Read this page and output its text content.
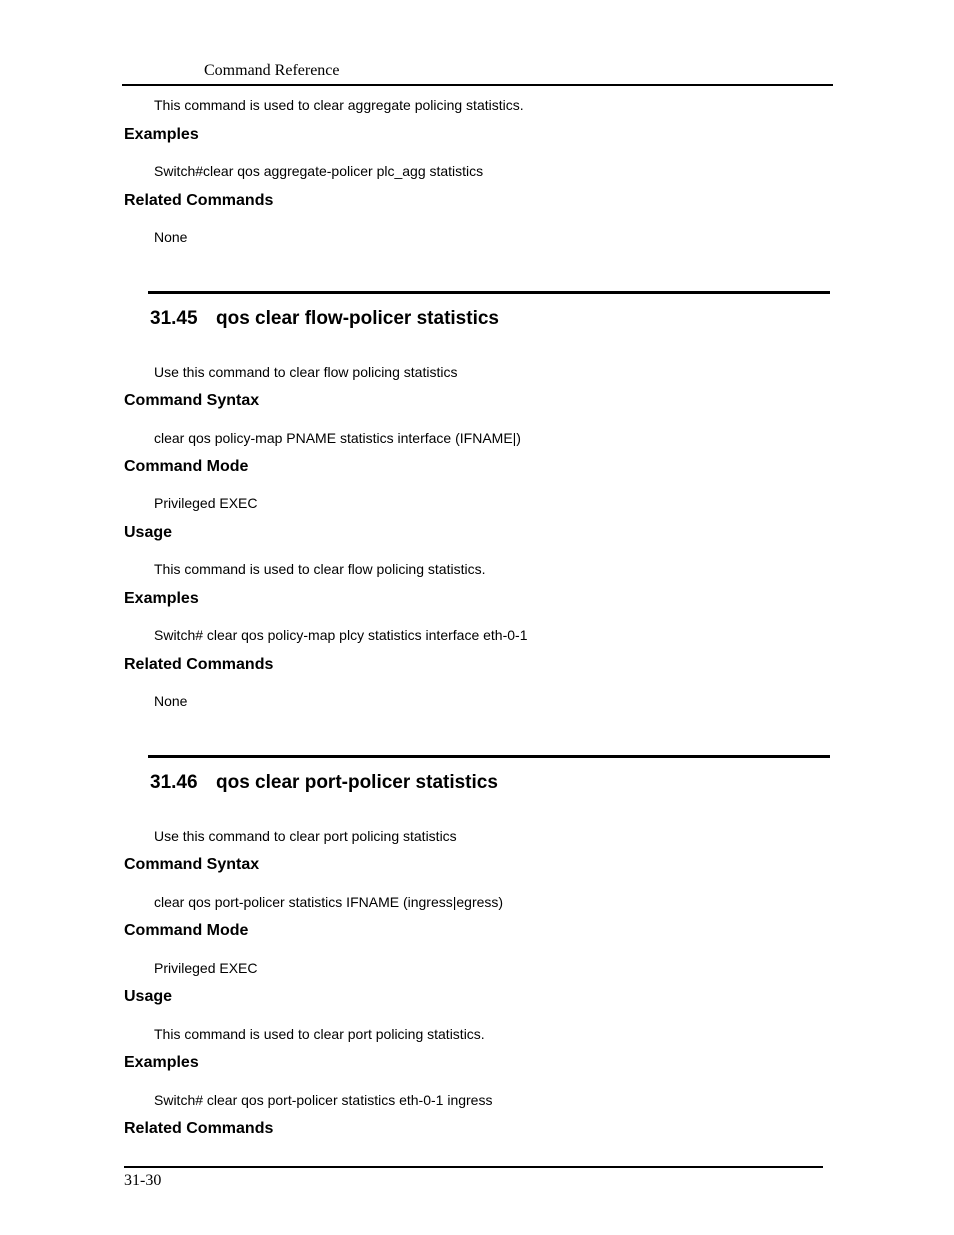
Command Reference
This command is used to clear aggregate policing statistics.
Examples
Switch#clear qos aggregate-policer plc_agg statistics
Related Commands
None
31.45 qos clear flow-policer statistics
Use this command to clear flow policing statistics
Command Syntax
clear qos policy-map PNAME statistics interface (IFNAME|)
Command Mode
Privileged EXEC
Usage
This command is used to clear flow policing statistics.
Examples
Switch# clear qos policy-map plcy statistics interface eth-0-1
Related Commands
None
31.46 qos clear port-policer statistics
Use this command to clear port policing statistics
Command Syntax
clear qos port-policer statistics IFNAME (ingress|egress)
Command Mode
Privileged EXEC
Usage
This command is used to clear port policing statistics.
Examples
Switch# clear qos port-policer statistics eth-0-1 ingress
Related Commands
31-30
